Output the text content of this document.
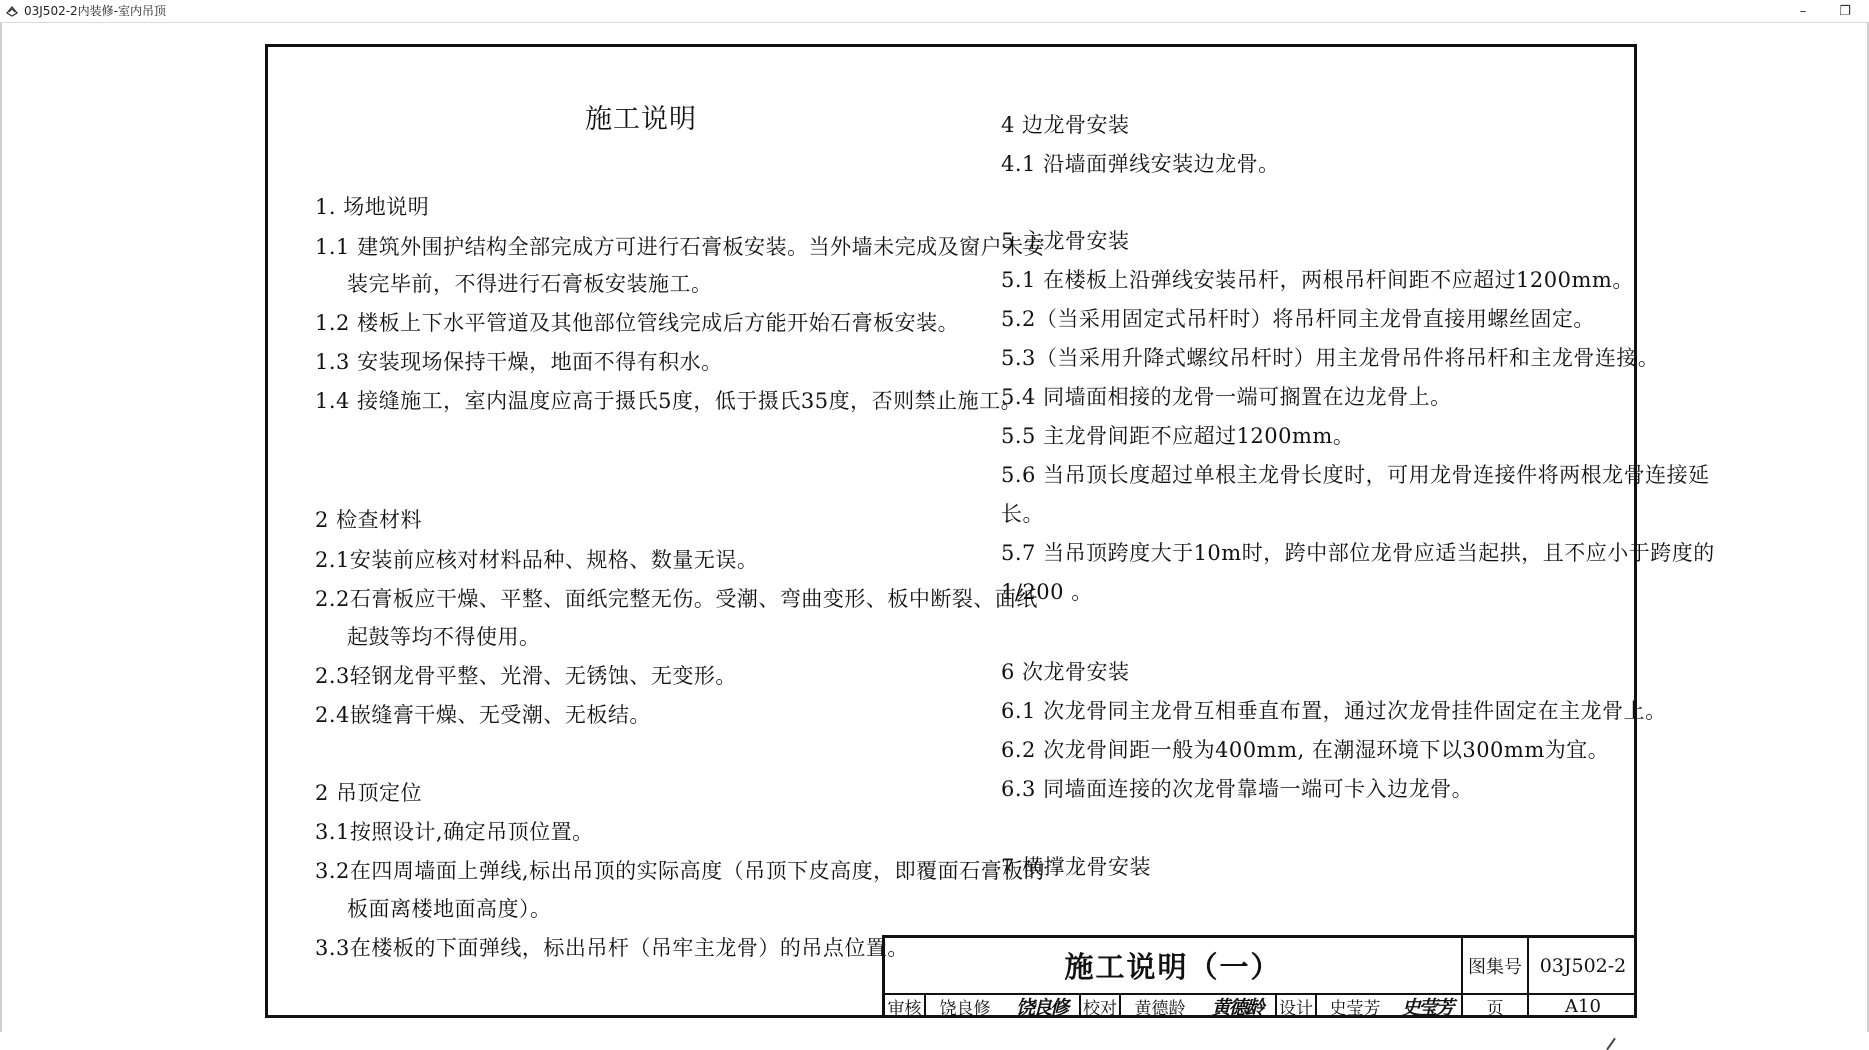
03J502-2内装修-室内吊顶	–	❐
施工说明
1. 场地说明
1.1 建筑外围护结构全部完成方可进行石膏板安装。当外墙未完成及窗户未安
装完毕前，不得进行石膏板安装施工。
1.2 楼板上下水平管道及其他部位管线完成后方能开始石膏板安装。
1.3 安装现场保持干燥，地面不得有积水。
1.4 接缝施工，室内温度应高于摄氏5度，低于摄氏35度，否则禁止施工。
2 检查材料
2.1安装前应核对材料品种、规格、数量无误。
2.2石膏板应干燥、平整、面纸完整无伤。受潮、弯曲变形、板中断裂、面纸
起鼓等均不得使用。
2.3轻钢龙骨平整、光滑、无锈蚀、无变形。
2.4嵌缝膏干燥、无受潮、无板结。
2 吊顶定位
3.1按照设计,确定吊顶位置。
3.2在四周墙面上弹线,标出吊顶的实际高度（吊顶下皮高度，即覆面石膏板的
板面离楼地面高度）。
3.3在楼板的下面弹线，标出吊杆（吊牢主龙骨）的吊点位置。
4 边龙骨安装
4.1 沿墙面弹线安装边龙骨。
5 主龙骨安装
5.1 在楼板上沿弹线安装吊杆，两根吊杆间距不应超过1200mm。
5.2（当采用固定式吊杆时）将吊杆同主龙骨直接用螺丝固定。
5.3（当采用升降式螺纹吊杆时）用主龙骨吊件将吊杆和主龙骨连接。
5.4 同墙面相接的龙骨一端可搁置在边龙骨上。
5.5 主龙骨间距不应超过1200mm。
5.6 当吊顶长度超过单根主龙骨长度时，可用龙骨连接件将两根龙骨连接延
长。
5.7 当吊顶跨度大于10m时，跨中部位龙骨应适当起拱，且不应小于跨度的
1/200 。
6 次龙骨安装
6.1 次龙骨同主龙骨互相垂直布置，通过次龙骨挂件固定在主龙骨上。
6.2 次龙骨间距一般为400mm, 在潮湿环境下以300mm为宜。
6.3 同墙面连接的次龙骨靠墙一端可卡入边龙骨。
7 横撑龙骨安装
施工说明（一）	图集号 03J502-2
审核	饶良修	饶良修 校对	黄德龄	黄德龄 设计 史莹芳	史莹芳	页	A10
